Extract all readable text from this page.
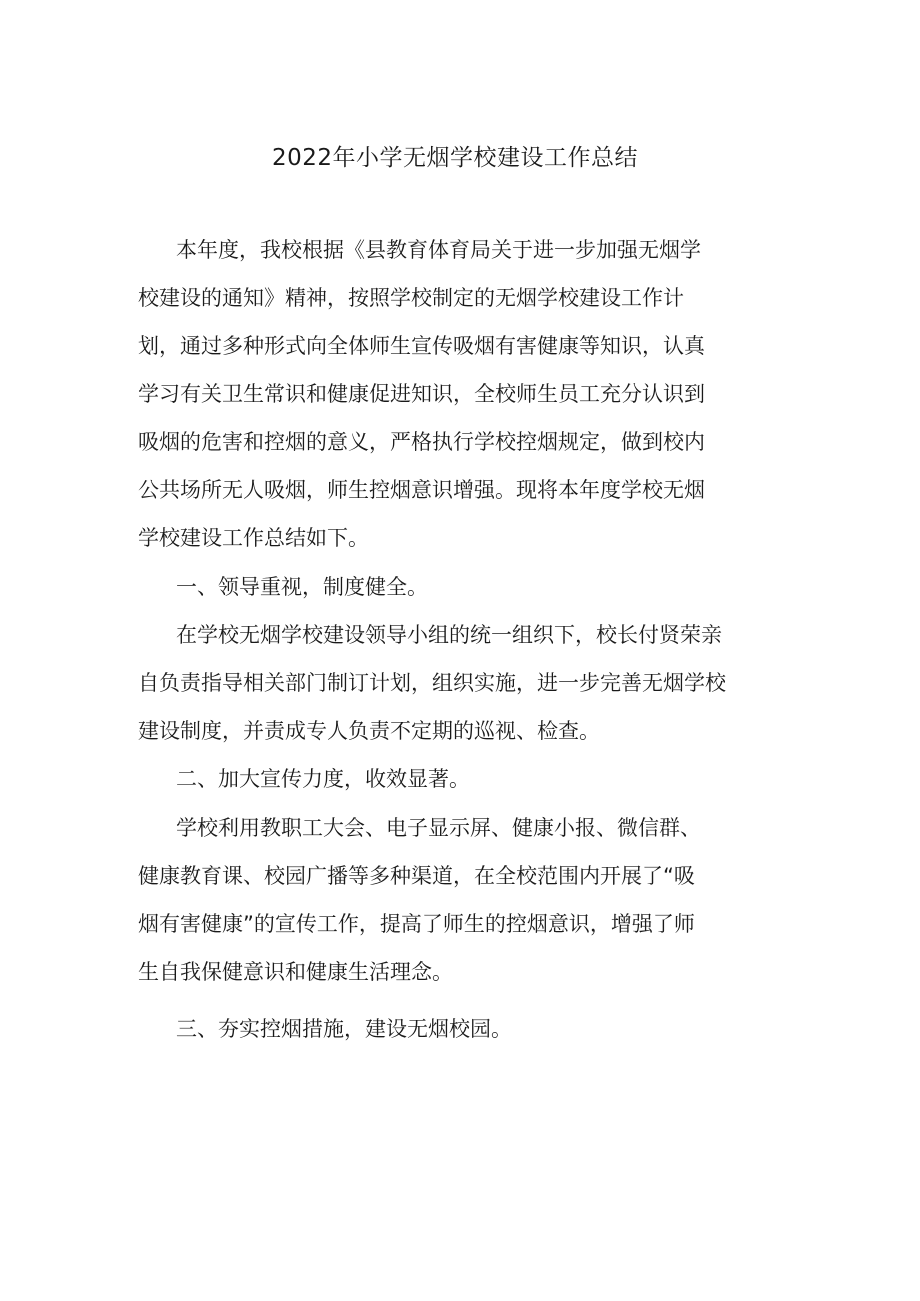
2022年小学无烟学校建设工作总结
本年度，我校根据《县教育体育局关于进一步加强无烟学
校建设的通知》精神，按照学校制定的无烟学校建设工作计
划，通过多种形式向全体师生宣传吸烟有害健康等知识，认真
学习有关卫生常识和健康促进知识，全校师生员工充分认识到
吸烟的危害和控烟的意义，严格执行学校控烟规定，做到校内
公共场所无人吸烟，师生控烟意识增强。现将本年度学校无烟
学校建设工作总结如下。
一、领导重视，制度健全。
在学校无烟学校建设领导小组的统一组织下，校长付贤荣亲
自负责指导相关部门制订计划，组织实施，进一步完善无烟学校
建设制度，并责成专人负责不定期的巡视、检查。
二、加大宣传力度，收效显著。
学校利用教职工大会、电子显示屏、健康小报、微信群、
健康教育课、校园广播等多种渠道，在全校范围内开展了“吸
烟有害健康”的宣传工作，提高了师生的控烟意识，增强了师
生自我保健意识和健康生活理念。
三、夯实控烟措施，建设无烟校园。
